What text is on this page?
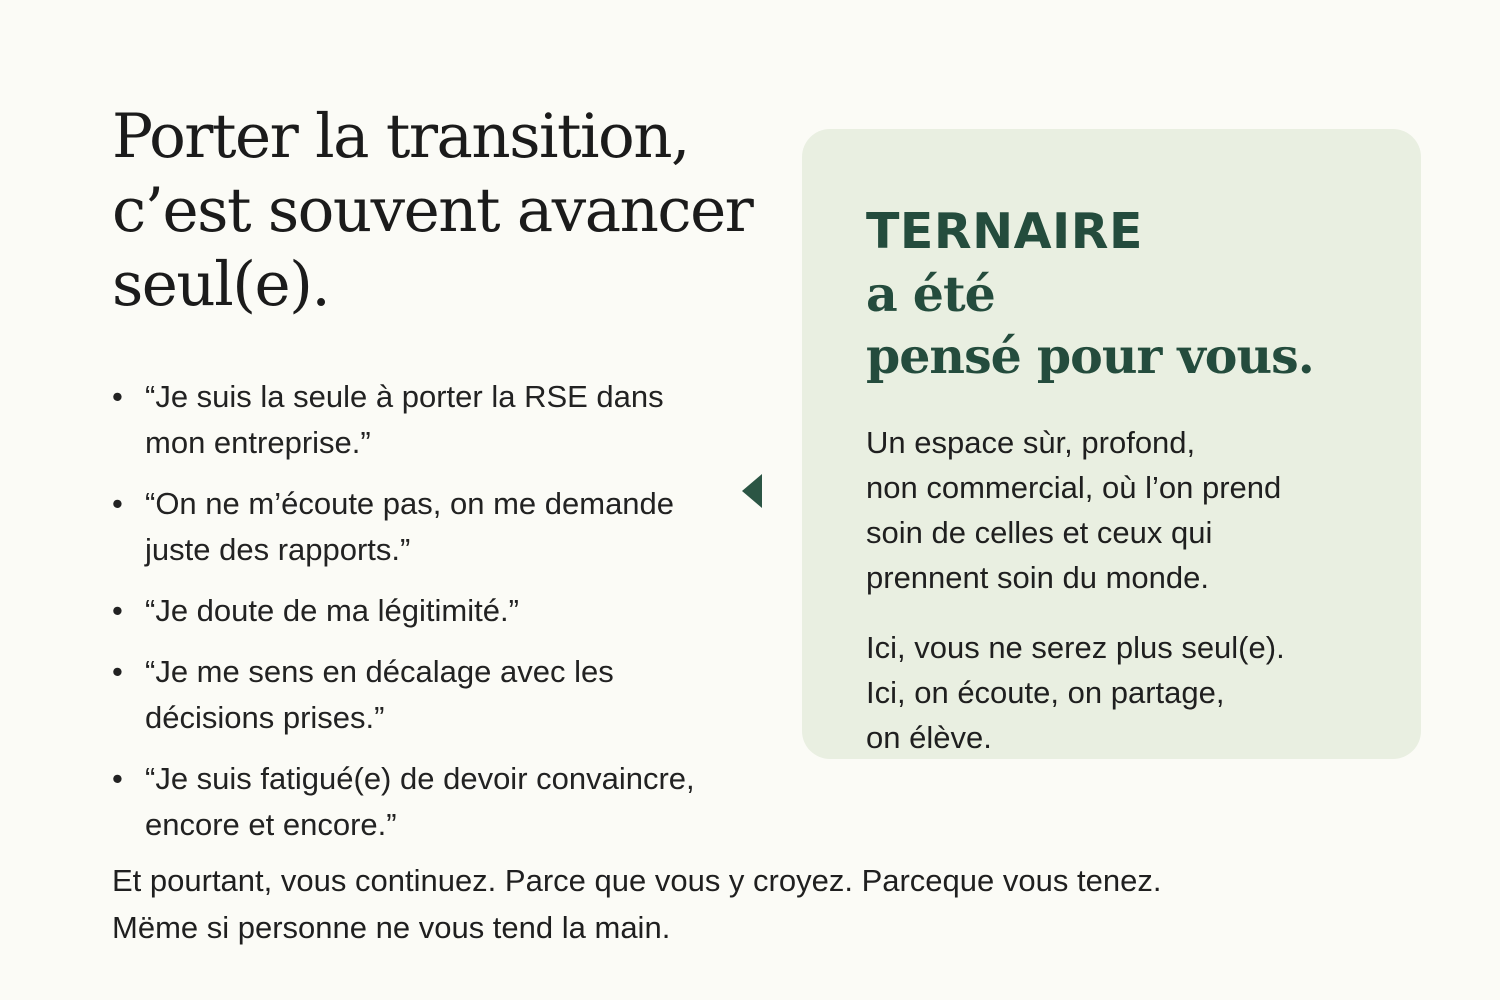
Porter la transition,
c’est souvent avancer
seul(e).
• “Je suis la seule à porter la RSE dans
mon entreprise.”
• “On ne m’écoute pas, on me demande
juste des rapports.”
• “Je doute de ma légitimité.”
• “Je me sens en décalage avec les
décisions prises.”
• “Je suis fatigué(e) de devoir convaincre,
encore et encore.”
TERNAIRE
a été
pensé pour vous.

Un espace sùr, profond,
non commercial, où l’on prend
soin de celles et ceux qui
prennent soin du monde.

Ici, vous ne serez plus seul(e).
Ici, on écoute, on partage,
on élève.

Et pourtant, vous continuez. Parce que vous y croyez. Parceque vous tenez.
Mëme si personne ne vous tend la main.
